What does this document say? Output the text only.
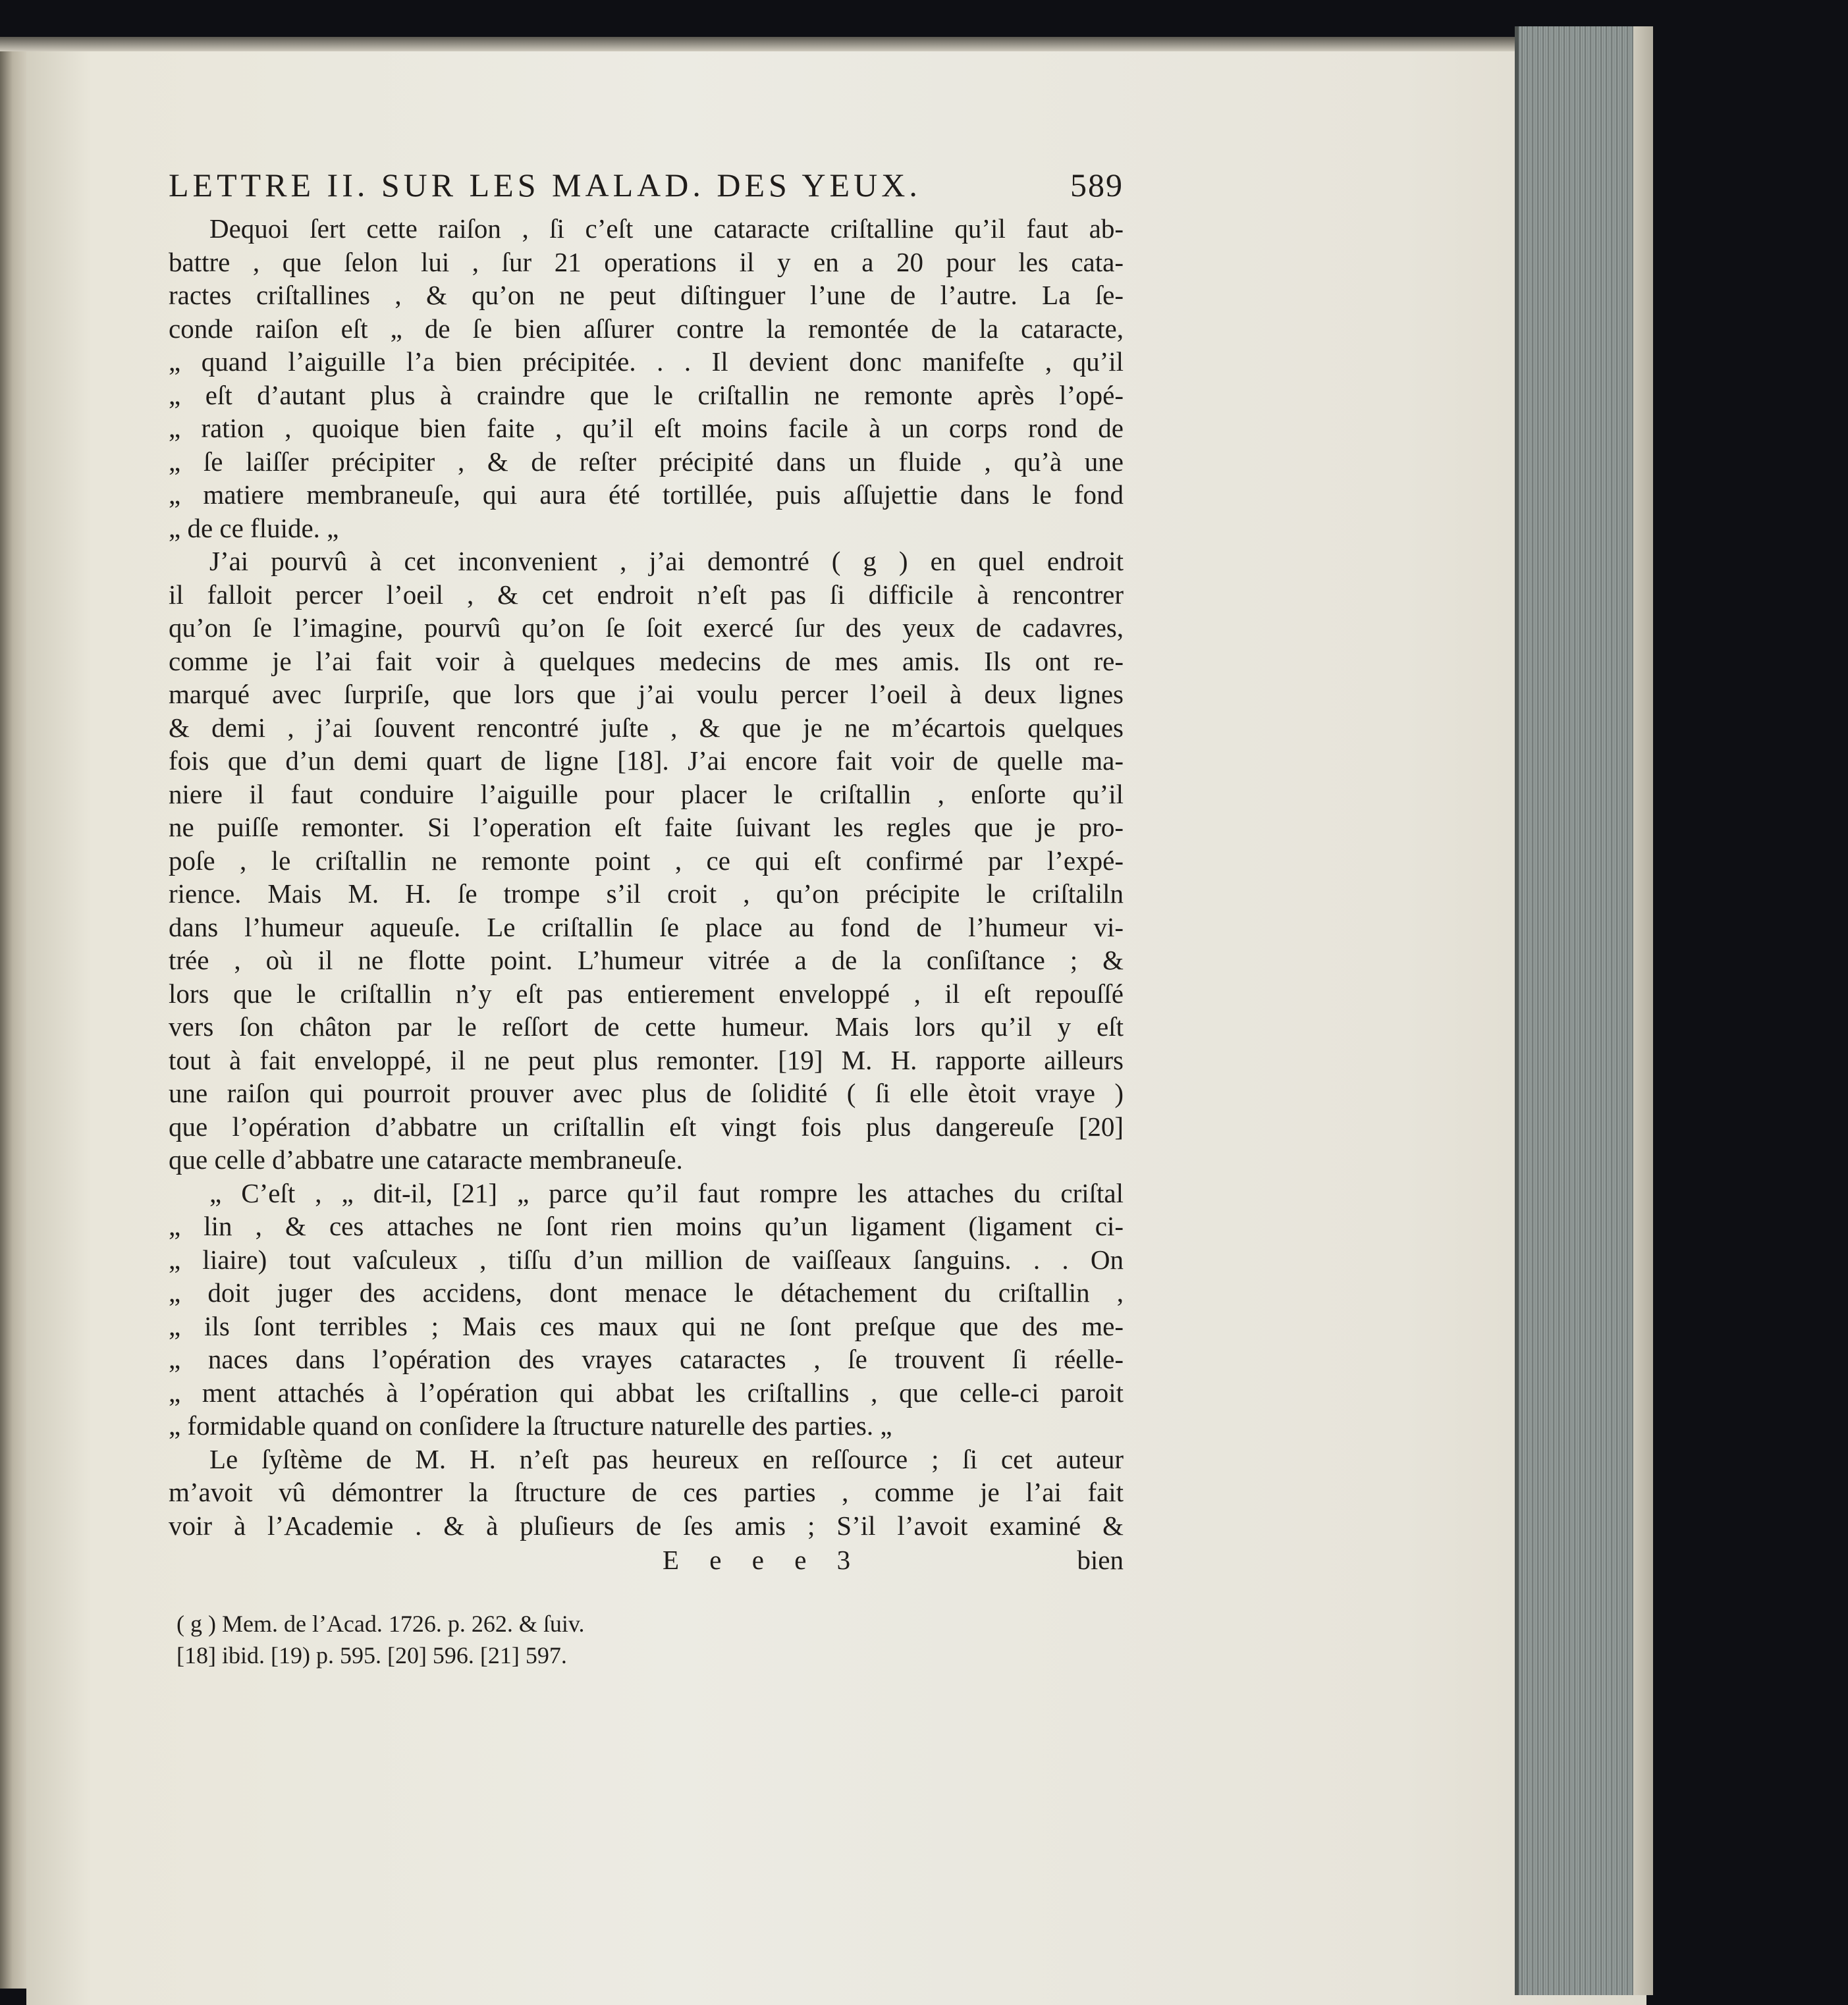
LETTRE II. SUR LES MALAD. DES YEUX.	589
Dequoi ſert cette raiſon , ſi c’eſt une cataracte criſtalline qu’il faut ab-
battre , que ſelon lui , ſur 21 operations il y en a 20 pour les cata-
ractes criſtallines , & qu’on ne peut diſtinguer l’une de l’autre. La ſe-
conde raiſon eſt „ de ſe bien aſſurer contre la remontée de la cataracte,
„ quand l’aiguille l’a bien précipitée. . . Il devient donc manifeſte , qu’il
„ eſt d’autant plus à craindre que le criſtallin ne remonte après l’opé-
„ ration , quoique bien faite , qu’il eſt moins facile à un corps rond de
„ ſe laiſſer précipiter , & de reſter précipité dans un fluide , qu’à une
„ matiere membraneuſe, qui aura été tortillée, puis aſſujettie dans le fond
„ de ce fluide. „
J’ai pourvû à cet inconvenient , j’ai demontré ( g ) en quel endroit
il falloit percer l’oeil , & cet endroit n’eſt pas ſi difficile à rencontrer
qu’on ſe l’imagine, pourvû qu’on ſe ſoit exercé ſur des yeux de cadavres,
comme je l’ai fait voir à quelques medecins de mes amis. Ils ont re-
marqué avec ſurpriſe, que lors que j’ai voulu percer l’oeil à deux lignes
& demi , j’ai ſouvent rencontré juſte , & que je ne m’écartois quelques
fois que d’un demi quart de ligne [18]. J’ai encore fait voir de quelle ma-
niere il faut conduire l’aiguille pour placer le criſtallin , enſorte qu’il
ne puiſſe remonter. Si l’operation eſt faite ſuivant les regles que je pro-
poſe , le criſtallin ne remonte point , ce qui eſt confirmé par l’expé-
rience. Mais M. H. ſe trompe s’il croit , qu’on précipite le criſtaliln
dans l’humeur aqueuſe. Le criſtallin ſe place au fond de l’humeur vi-
trée , où il ne flotte point. L’humeur vitrée a de la conſiſtance ; &
lors que le criſtallin n’y eſt pas entierement enveloppé , il eſt repouſſé
vers ſon châton par le reſſort de cette humeur. Mais lors qu’il y eſt
tout à fait enveloppé, il ne peut plus remonter. [19] M. H. rapporte ailleurs
une raiſon qui pourroit prouver avec plus de ſolidité ( ſi elle ètoit vraye )
que l’opération d’abbatre un criſtallin eſt vingt fois plus dangereuſe [20]
que celle d’abbatre une cataracte membraneuſe.
„ C’eſt , „ dit-il, [21] „ parce qu’il faut rompre les attaches du criſtal
„ lin , & ces attaches ne ſont rien moins qu’un ligament (ligament ci-
„ liaire) tout vaſculeux , tiſſu d’un million de vaiſſeaux ſanguins. . . On
„ doit juger des accidens, dont menace le détachement du criſtallin ,
„ ils ſont terribles ; Mais ces maux qui ne ſont preſque que des me-
„ naces dans l’opération des vrayes cataractes , ſe trouvent ſi réelle-
„ ment attachés à l’opération qui abbat les criſtallins , que celle-ci paroit
„ formidable quand on conſidere la ſtructure naturelle des parties. „
Le ſyſtème de M. H. n’eſt pas heureux en reſſource ; ſi cet auteur
m’avoit vû démontrer la ſtructure de ces parties , comme je l’ai fait
voir à l’Academie . & à pluſieurs de ſes amis ; S’il l’avoit examiné &
E e e e 3	bien
( g ) Mem. de l’Acad. 1726. p. 262. & ſuiv.
[18] ibid. [19) p. 595. [20] 596. [21] 597.
